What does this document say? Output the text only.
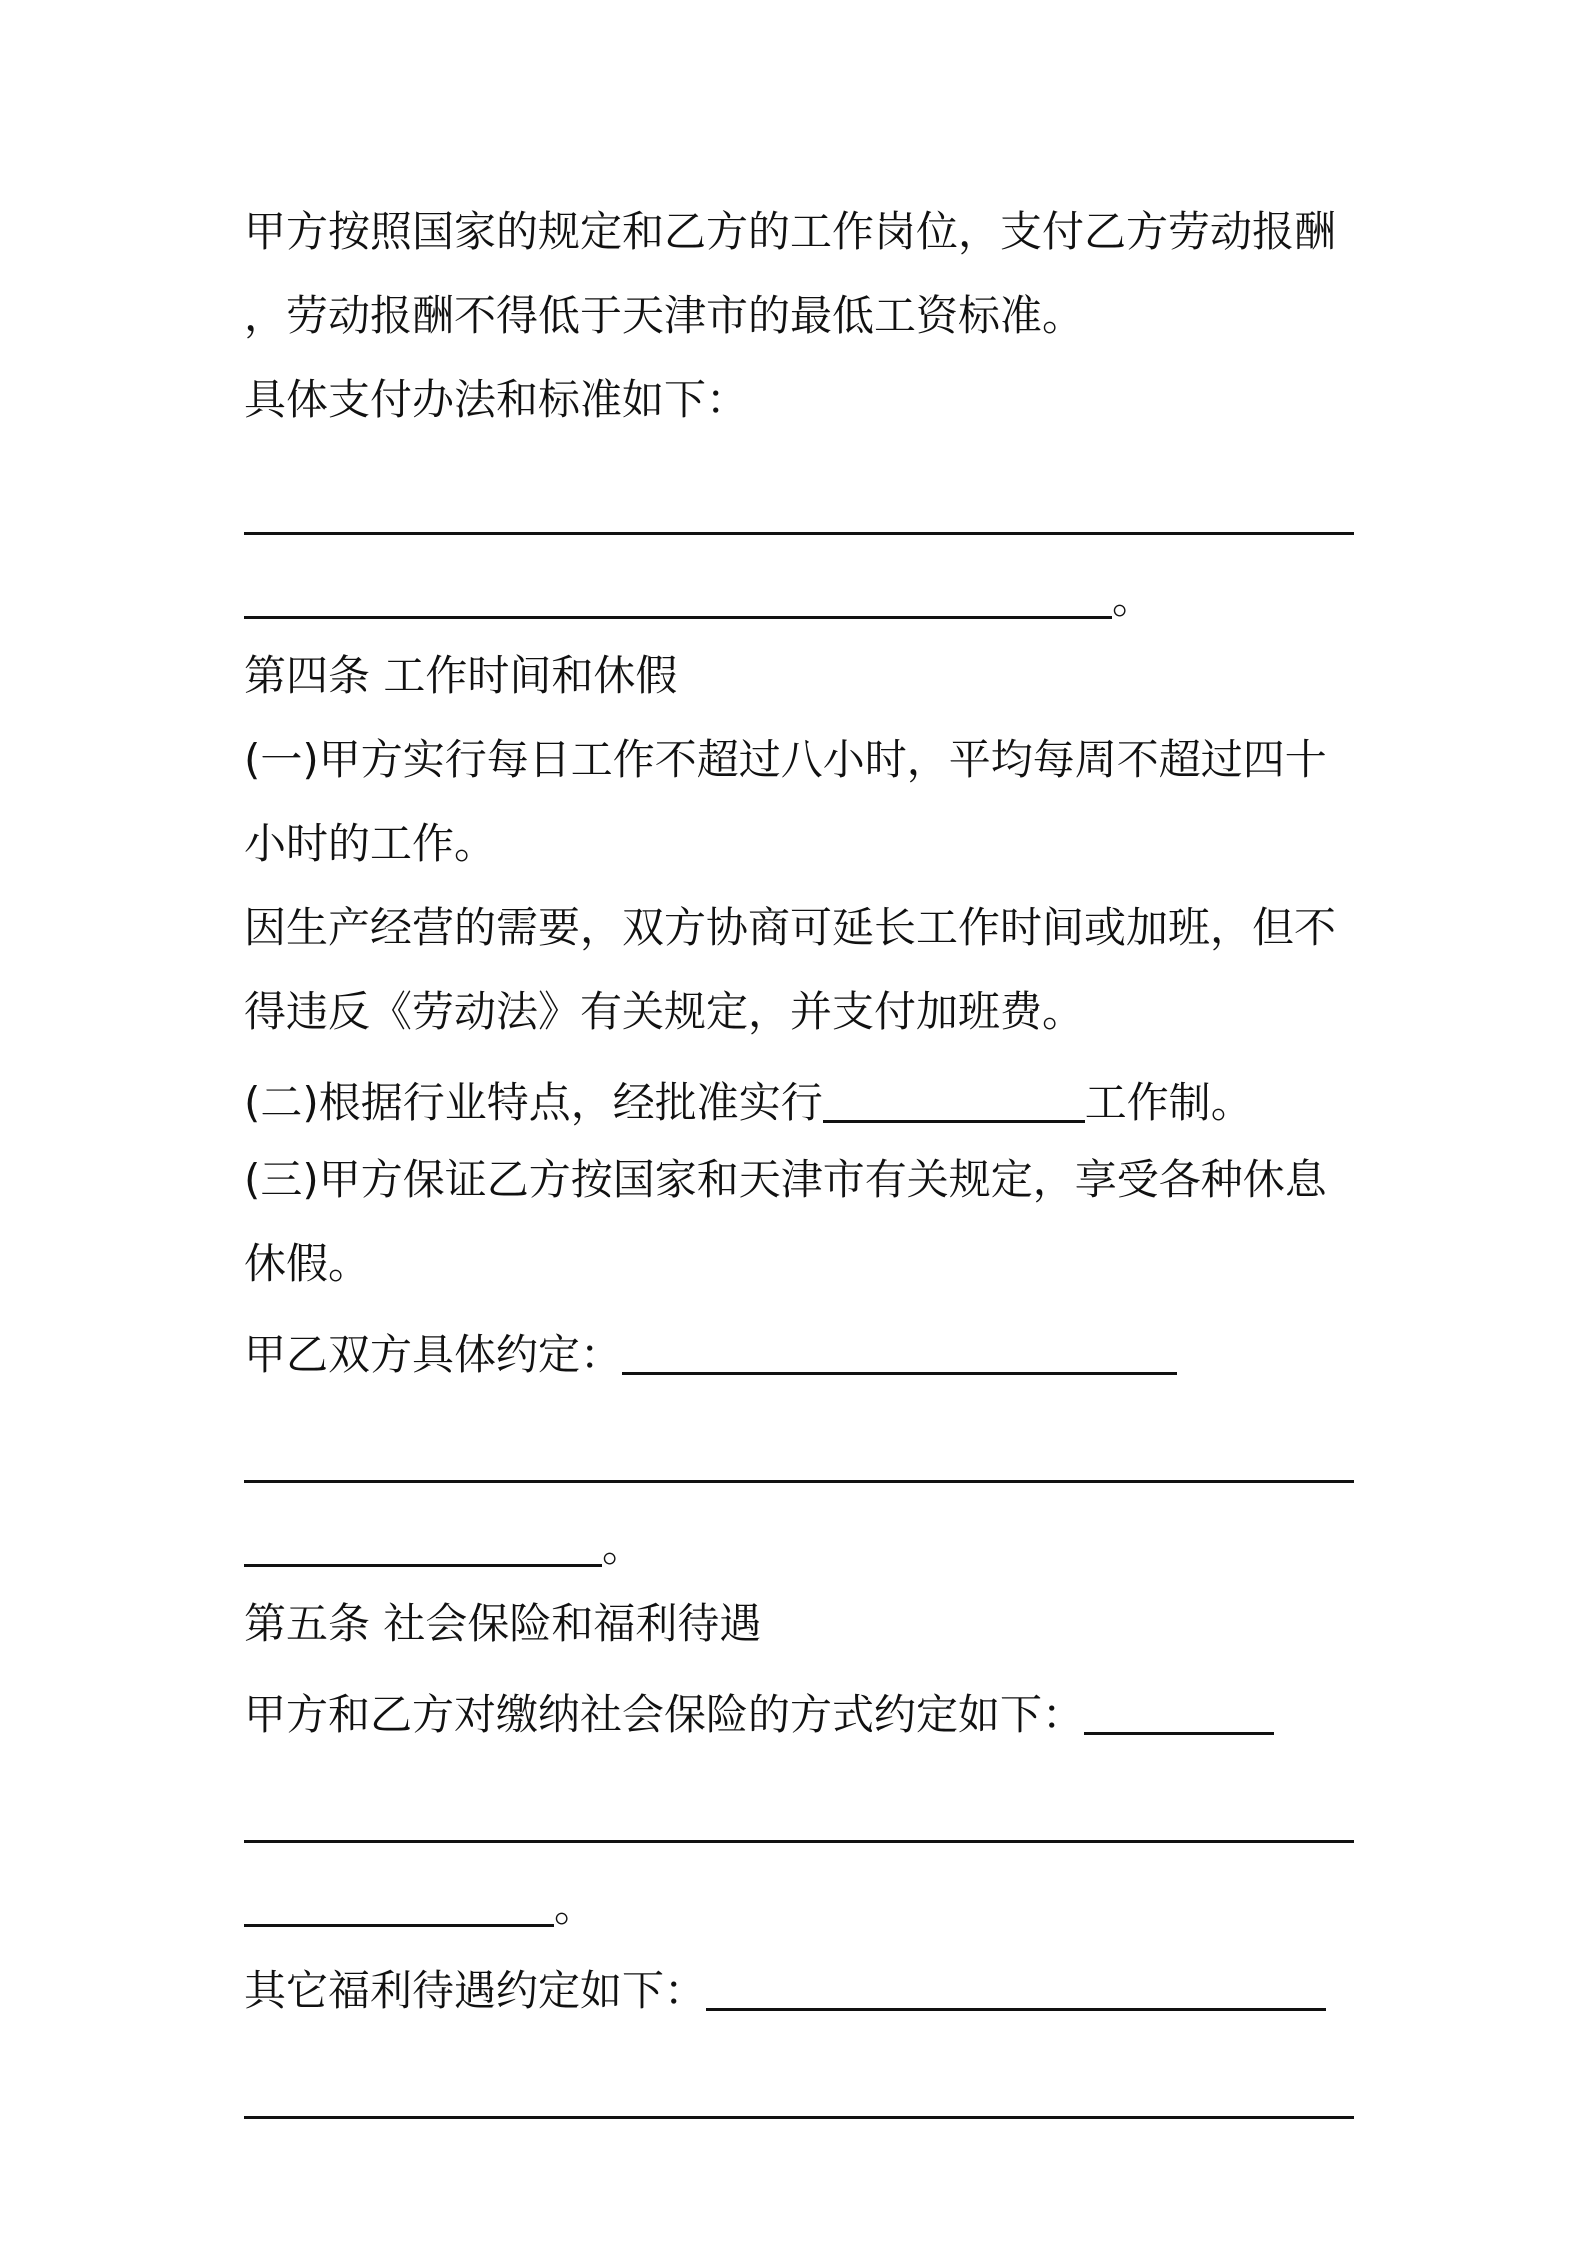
甲方按照国家的规定和乙方的工作岗位，支付乙方劳动报酬
，劳动报酬不得低于天津市的最低工资标准。
具体支付办法和标准如下：
。
第四条 工作时间和休假
(一)甲方实行每日工作不超过八小时，平均每周不超过四十
小时的工作。
因生产经营的需要，双方协商可延长工作时间或加班，但不
得违反《劳动法》有关规定，并支付加班费。
(二)根据行业特点，经批准实行	工作制。
(三)甲方保证乙方按国家和天津市有关规定，享受各种休息
休假。
甲乙双方具体约定：
。
第五条 社会保险和福利待遇
甲方和乙方对缴纳社会保险的方式约定如下：
。
其它福利待遇约定如下：
